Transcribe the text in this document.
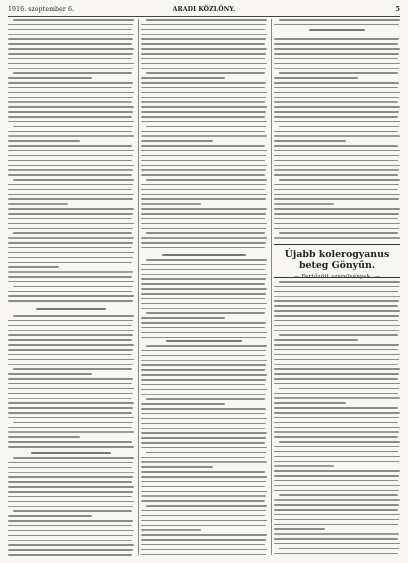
1916. szeptember 6.	ARADI KÖZLÖNY.	5
Újabb kolerogyanus beteg Gönyűn.
— Fertőzött szerelvények. —
